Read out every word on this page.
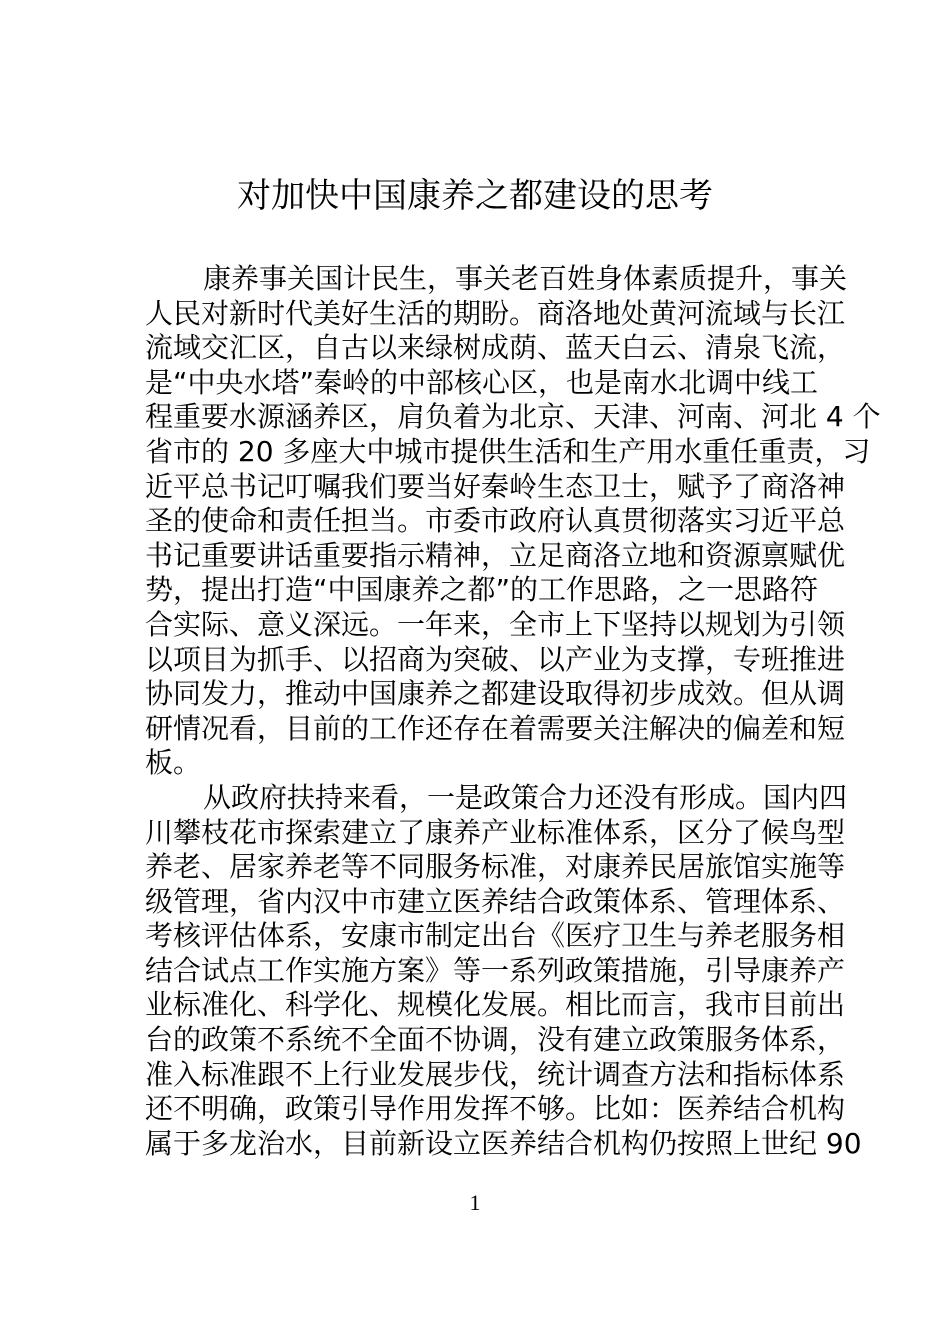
对加快中国康养之都建设的思考
康养事关国计民生，事关老百姓身体素质提升，事关
人民对新时代美好生活的期盼。商洛地处黄河流域与长江
流域交汇区，自古以来绿树成荫、蓝天白云、清泉飞流，
是“中央水塔”秦岭的中部核心区，也是南水北调中线工
程重要水源涵养区，肩负着为北京、天津、河南、河北 4 个
省市的 20 多座大中城市提供生活和生产用水重任重责，习
近平总书记叮嘱我们要当好秦岭生态卫士，赋予了商洛神
圣的使命和责任担当。市委市政府认真贯彻落实习近平总
书记重要讲话重要指示精神，立足商洛立地和资源禀赋优
势，提出打造“中国康养之都”的工作思路，之一思路符
合实际、意义深远。一年来，全市上下坚持以规划为引领
以项目为抓手、以招商为突破、以产业为支撑，专班推进
协同发力，推动中国康养之都建设取得初步成效。但从调
研情况看，目前的工作还存在着需要关注解决的偏差和短
板。
从政府扶持来看，一是政策合力还没有形成。国内四
川攀枝花市探索建立了康养产业标准体系，区分了候鸟型
养老、居家养老等不同服务标准，对康养民居旅馆实施等
级管理，省内汉中市建立医养结合政策体系、管理体系、
考核评估体系，安康市制定出台《医疗卫生与养老服务相
结合试点工作实施方案》等一系列政策措施，引导康养产
业标准化、科学化、规模化发展。相比而言，我市目前出
台的政策不系统不全面不协调，没有建立政策服务体系，
准入标准跟不上行业发展步伐，统计调查方法和指标体系
还不明确，政策引导作用发挥不够。比如：医养结合机构
属于多龙治水，目前新设立医养结合机构仍按照上世纪 90
1
